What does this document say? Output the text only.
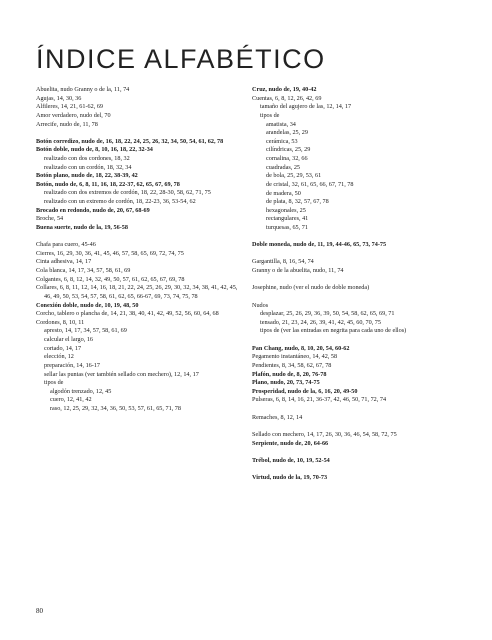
ÍNDICE ALFABÉTICO
Abuelita, nudo Granny o de la, 11, 74
Agujas, 14, 30, 36
Alfileres, 14, 21, 61-62, 69
Amor verdadero, nudo del, 70
Arrecife, nudo de, 11, 78
Botón corredizo, nudo de, 16, 18, 22, 24, 25, 26, 32, 34, 50, 54, 61, 62, 78
Botón doble, nudo de, 8, 10, 16, 18, 22, 32-34
realizado con dos cordones, 18, 32
realizado con un cordón, 18, 32, 34
Botón plano, nudo de, 18, 22, 38-39, 42
Botón, nudo de, 6, 8, 11, 16, 18, 22-37, 62, 65, 67, 69, 78
realizado con dos extremos de cordón, 18, 22, 28-30, 58, 62, 71, 75
realizado con un extremo de cordón, 18, 22-23, 36, 53-54, 62
Brocado en redondo, nudo de, 20, 67, 68-69
Broche, 54
Buena suerte, nudo de la, 19, 56-58
Chafa para cuero, 45-46
Cierres, 16, 29, 30, 36, 41, 45, 46, 57, 58, 65, 69, 72, 74, 75
Cinta adhesiva, 14, 17
Cola blanca, 14, 17, 34, 57, 58, 61, 69
Colgantes, 6, 8, 12, 14, 32, 49, 50, 57, 61, 62, 65, 67, 69, 78
Collares, 6, 8, 11, 12, 14, 16, 18, 21, 22, 24, 25, 26, 29, 30, 32, 34, 38, 41, 42, 45, 46, 49, 50, 53, 54, 57, 58, 61, 62, 65, 66-67, 69, 73, 74, 75, 78
Conexión doble, nudo de, 10, 19, 48, 50
Corcho, tablero o plancha de, 14, 21, 38, 40, 41, 42, 49, 52, 56, 60, 64, 68
Cordones, 8, 10, 11
apresto, 14, 17, 34, 57, 58, 61, 69
calcular el largo, 16
cortado, 14, 17
elección, 12
preparación, 14, 16-17
sellar las puntas (ver también sellado con mechero), 12, 14, 17
tipos de
algodón trenzado, 12, 45
cuero, 12, 41, 42
raso, 12, 25, 29, 32, 34, 36, 50, 53, 57, 61, 65, 71, 78
Cruz, nudo de, 19, 40-42
Cuentas, 6, 8, 12, 26, 42, 69
tamaño del agujero de las, 12, 14, 17
tipos de
amatista, 34
arandelas, 25, 29
cerámica, 53
cilíndricas, 25, 29
cornalina, 32, 66
cuadradas, 25
de bola, 25, 29, 53, 61
de cristal, 32, 61, 65, 66, 67, 71, 78
de madera, 50
de plata, 8, 32, 57, 67, 78
hexagonales, 25
rectangulares, 41
turquesas, 65, 71
Doble moneda, nudo de, 11, 19, 44-46, 65, 73, 74-75
Gargantilla, 8, 16, 54, 74
Granny o de la abuelita, nudo, 11, 74
Josephine, nudo (ver el nudo de doble moneda)
Nudos
desplazar, 25, 26, 29, 36, 39, 50, 54, 58, 62, 65, 69, 71
tensado, 21, 23, 24, 26, 39, 41, 42, 45, 60, 70, 75
tipos de (ver las entradas en negrita para cada uno de ellos)
Pan Chang, nudo, 8, 10, 20, 54, 60-62
Pegamento instantáneo, 14, 42, 58
Pendientes, 8, 34, 58, 62, 67, 78
Plafón, nudo de, 8, 20, 76-78
Plano, nudo, 20, 73, 74-75
Prosperidad, nudo de la, 6, 16, 20, 49-50
Pulseras, 6, 8, 14, 16, 21, 36-37, 42, 46, 50, 71, 72, 74
Remaches, 8, 12, 14
Sellado con mechero, 14, 17, 26, 30, 36, 46, 54, 58, 72, 75
Serpiente, nudo de, 20, 64-66
Trébol, nudo de, 10, 19, 52-54
Virtud, nudo de la, 19, 70-73
80
